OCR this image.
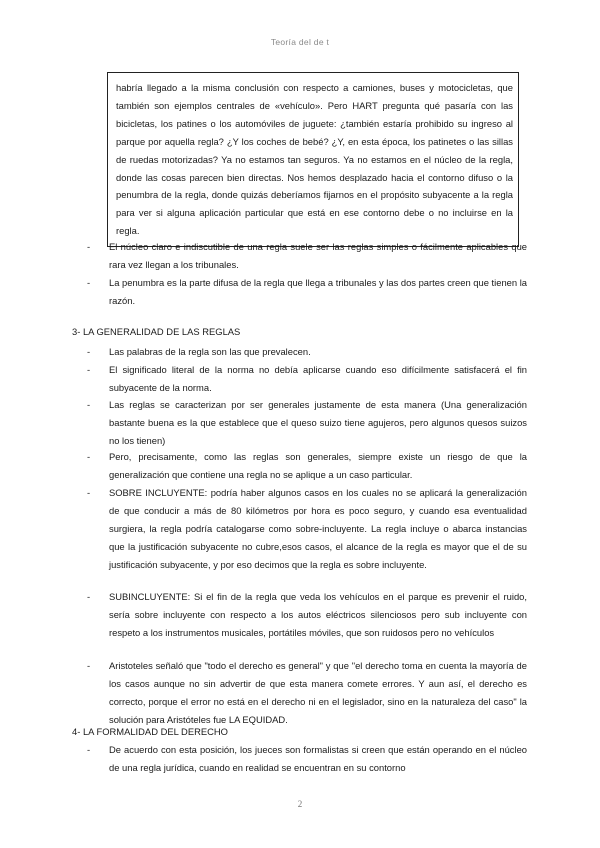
Teoría del de t

habría llegado a la misma conclusión con respecto a camiones, buses y motocicletas, que también son ejemplos centrales de «vehículo». Pero HART pregunta qué pasaría con las bicicletas, los patines o los automóviles de juguete: ¿también estaría prohibido su ingreso al parque por aquella regla? ¿Y los coches de bebé? ¿Y, en esta época, los patinetes o las sillas de ruedas motorizadas? Ya no estamos tan seguros. Ya no estamos en el núcleo de la regla, donde las cosas parecen bien directas. Nos hemos desplazado hacia el contorno difuso o la penumbra de la regla, donde quizás deberíamos fijarnos en el propósito subyacente a la regla para ver si alguna aplicación particular que está en ese contorno debe o no incluirse en la regla.

-	El núcleo claro e indiscutible de una regla suele ser las reglas simples o fácilmente aplicables que rara vez llegan a los tribunales.
-	La penumbra es la parte difusa de la regla que llega a tribunales y las dos partes creen que tienen la razón.
3- LA GENERALIDAD DE LAS REGLAS
-	Las palabras de la regla son las que prevalecen.
-	El significado literal de la norma no debía aplicarse cuando eso difícilmente satisfacerá el fin subyacente de la norma.
-	Las reglas se caracterizan por ser generales justamente de esta manera (Una generalización bastante buena es la que establece que el queso suizo tiene agujeros, pero algunos quesos suizos no los tienen)
-	Pero, precisamente, como las reglas son generales, siempre existe un riesgo de que la generalización que contiene una regla no se aplique a un caso particular.
-	SOBRE INCLUYENTE: podría haber algunos casos en los cuales no se aplicará la generalización de que conducir a más de 80 kilómetros por hora es poco seguro, y cuando esa eventualidad surgiera, la regla podría catalogarse como sobre-incluyente. La regla incluye o abarca instancias que la justificación subyacente no cubre,esos casos, el alcance de la regla es mayor que el de su justificación subyacente, y por eso decimos que la regla es sobre incluyente.
-	SUBINCLUYENTE: Si el fin de la regla que veda los vehículos en el parque es prevenir el ruido, sería sobre incluyente con respecto a los autos eléctricos silenciosos pero sub incluyente con respeto a los instrumentos musicales, portátiles móviles, que son ruidosos pero no vehículos
-	Aristoteles señaló que "todo el derecho es general" y que "el derecho toma en cuenta la mayoría de los casos aunque no sin advertir de que esta manera comete errores. Y aun así, el derecho es correcto, porque el error no está en el derecho ni en el legislador, sino en la naturaleza del caso" la solución para Aristóteles fue LA EQUIDAD.
4- LA FORMALIDAD DEL DERECHO
-	De acuerdo con esta posición, los jueces son formalistas si creen que están operando en el núcleo de una regla jurídica, cuando en realidad se encuentran en su contorno
2
